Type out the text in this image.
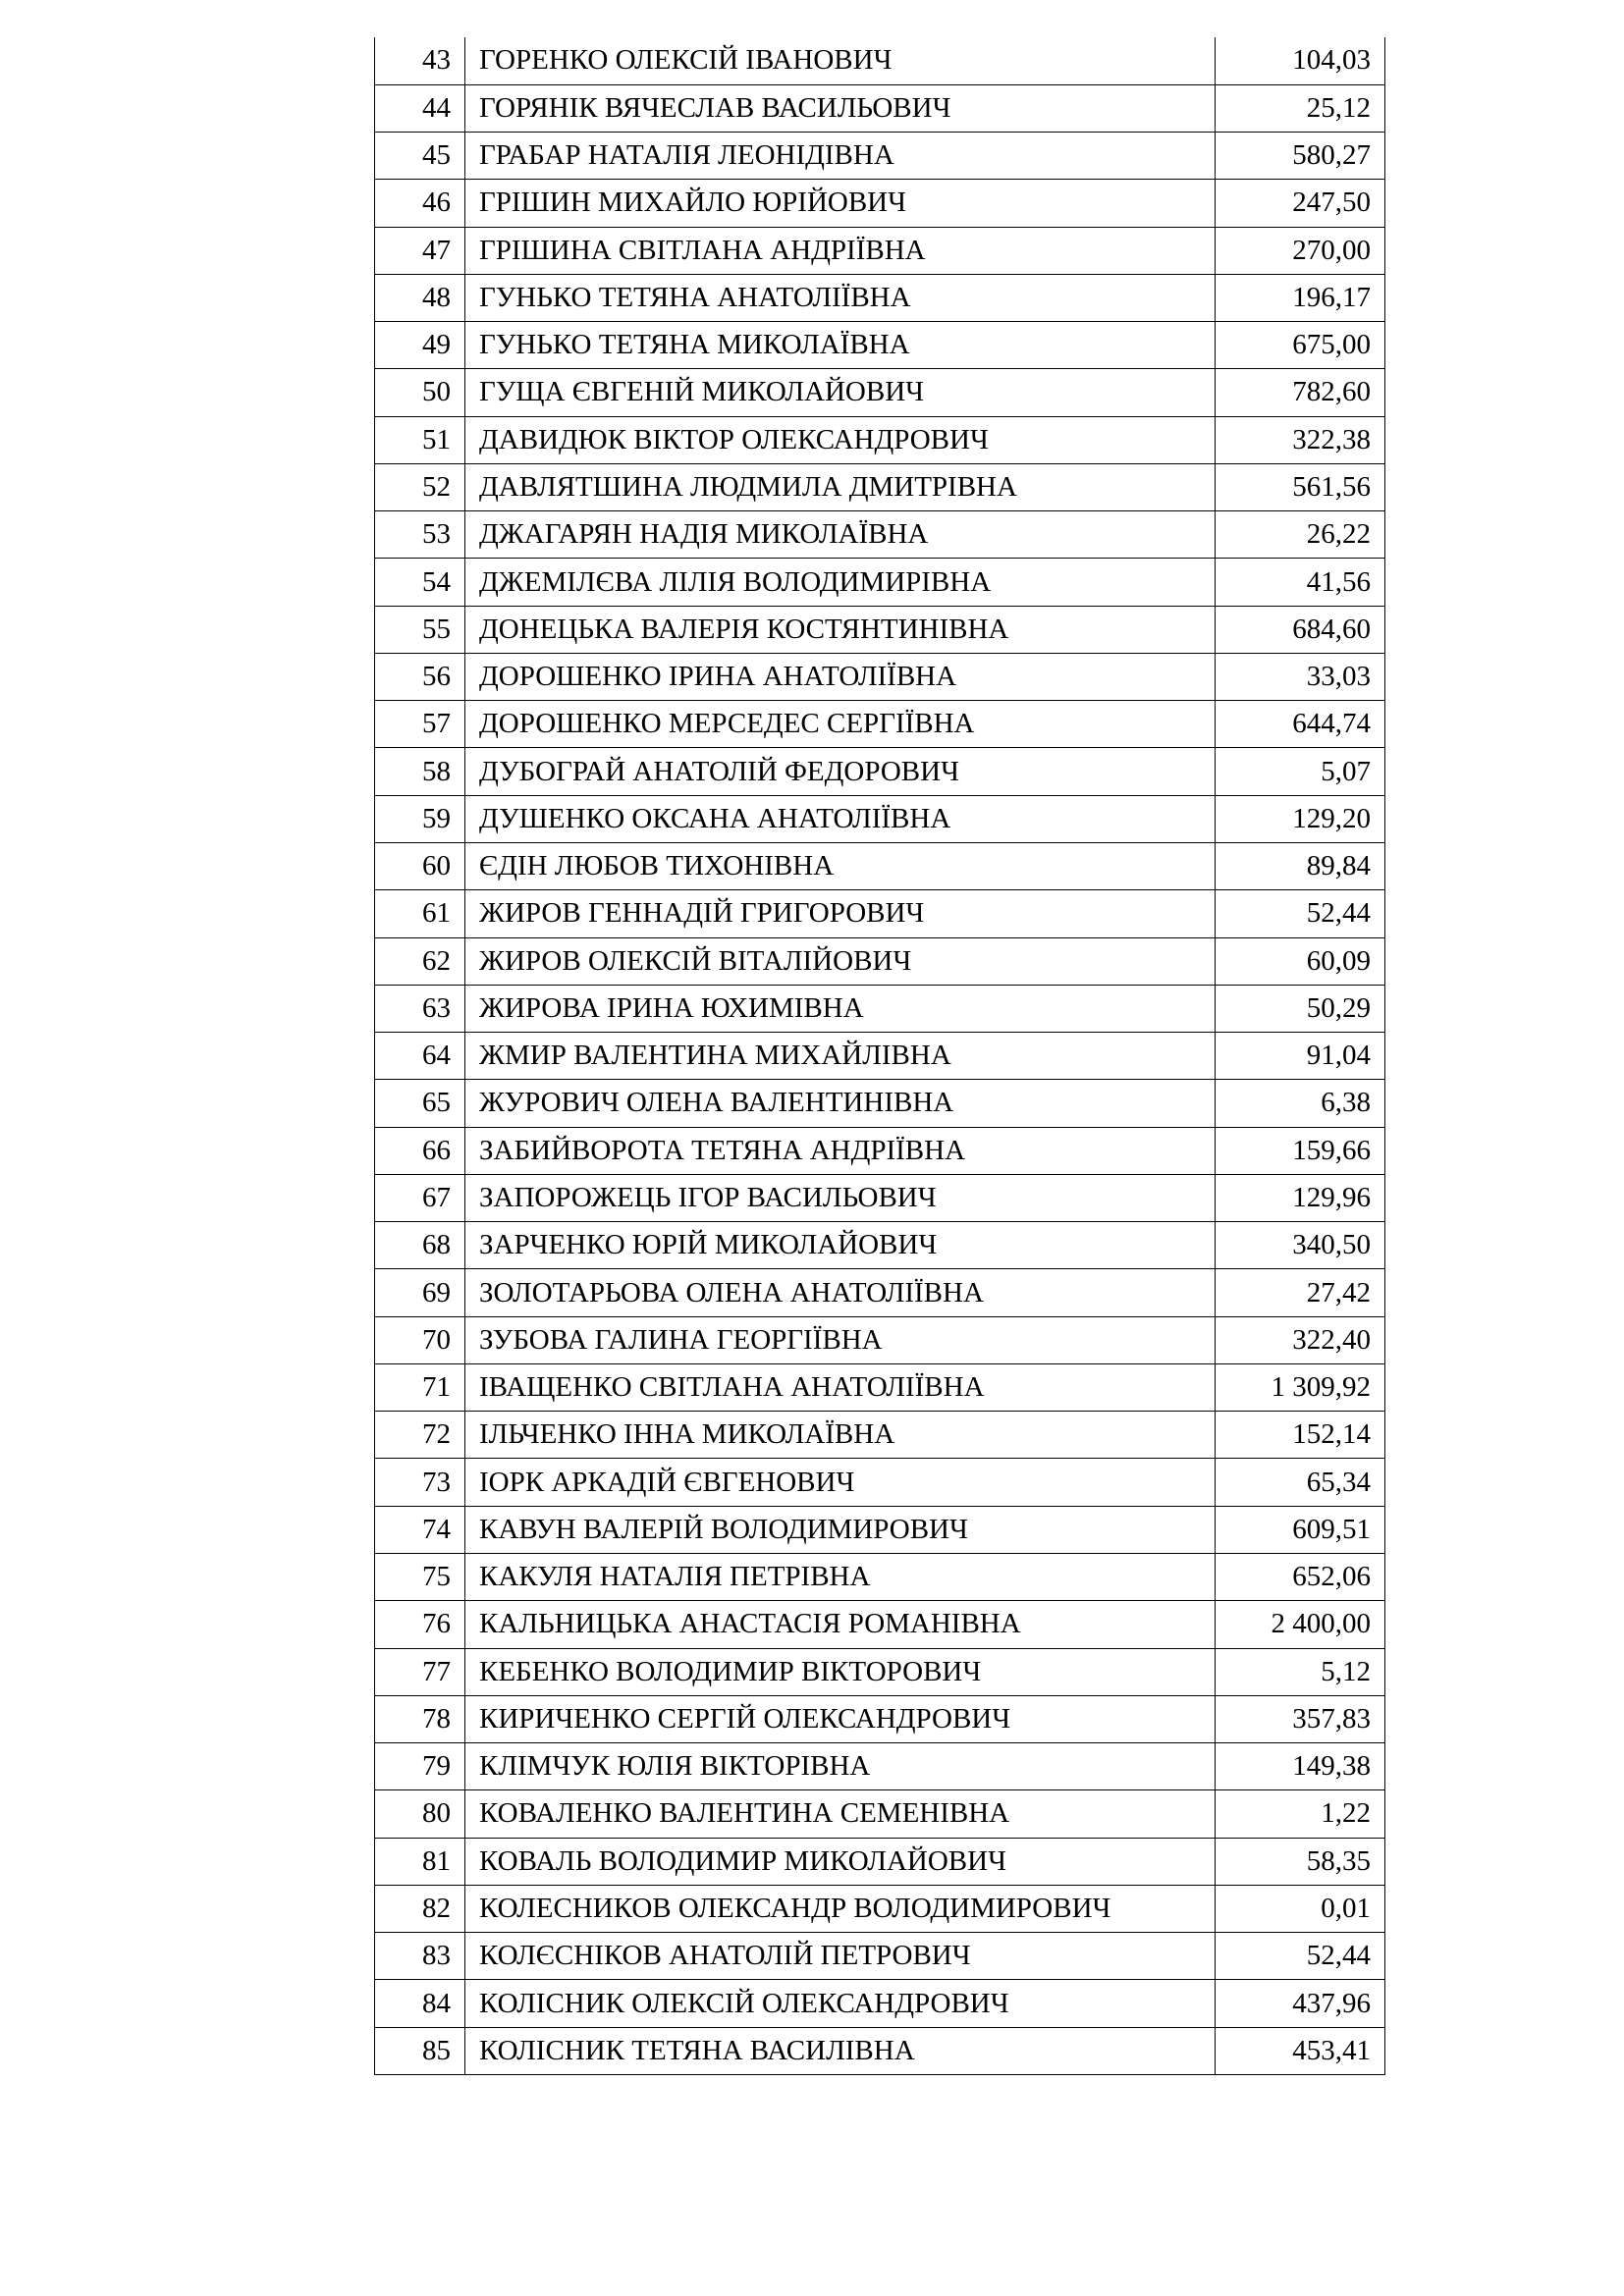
43	ГОРЕНКО ОЛЕКСІЙ ІВАНОВИЧ	104,03
44	ГОРЯНІК ВЯЧЕСЛАВ ВАСИЛЬОВИЧ	25,12
45	ГРАБАР НАТАЛІЯ ЛЕОНІДІВНА	580,27
46	ГРІШИН МИХАЙЛО ЮРІЙОВИЧ	247,50
47	ГРІШИНА СВІТЛАНА АНДРІЇВНА	270,00
48	ГУНЬКО ТЕТЯНА АНАТОЛІЇВНА	196,17
49	ГУНЬКО ТЕТЯНА МИКОЛАЇВНА	675,00
50	ГУЩА ЄВГЕНІЙ МИКОЛАЙОВИЧ	782,60
51	ДАВИДЮК ВІКТОР ОЛЕКСАНДРОВИЧ	322,38
52	ДАВЛЯТШИНА ЛЮДМИЛА ДМИТРІВНА	561,56
53	ДЖАГАРЯН НАДІЯ МИКОЛАЇВНА	26,22
54	ДЖЕМІЛЄВА ЛІЛІЯ ВОЛОДИМИРІВНА	41,56
55	ДОНЕЦЬКА ВАЛЕРІЯ КОСТЯНТИНІВНА	684,60
56	ДОРОШЕНКО ІРИНА АНАТОЛІЇВНА	33,03
57	ДОРОШЕНКО МЕРСЕДЕС СЕРГІЇВНА	644,74
58	ДУБОГРАЙ АНАТОЛІЙ ФЕДОРОВИЧ	5,07
59	ДУШЕНКО ОКСАНА АНАТОЛІЇВНА	129,20
60	ЄДІН ЛЮБОВ ТИХОНІВНА	89,84
61	ЖИРОВ ГЕННАДІЙ ГРИГОРОВИЧ	52,44
62	ЖИРОВ ОЛЕКСІЙ ВІТАЛІЙОВИЧ	60,09
63	ЖИРОВА ІРИНА ЮХИМІВНА	50,29
64	ЖМИР ВАЛЕНТИНА МИХАЙЛІВНА	91,04
65	ЖУРОВИЧ ОЛЕНА ВАЛЕНТИНІВНА	6,38
66	ЗАБИЙВОРОТА ТЕТЯНА АНДРІЇВНА	159,66
67	ЗАПОРОЖЕЦЬ ІГОР ВАСИЛЬОВИЧ	129,96
68	ЗАРЧЕНКО ЮРІЙ МИКОЛАЙОВИЧ	340,50
69	ЗОЛОТАРЬОВА ОЛЕНА АНАТОЛІЇВНА	27,42
70	ЗУБОВА ГАЛИНА ГЕОРГІЇВНА	322,40
71	ІВАЩЕНКО СВІТЛАНА АНАТОЛІЇВНА	1 309,92
72	ІЛЬЧЕНКО ІННА МИКОЛАЇВНА	152,14
73	ІОРК АРКАДІЙ ЄВГЕНОВИЧ	65,34
74	КАВУН ВАЛЕРІЙ ВОЛОДИМИРОВИЧ	609,51
75	КАКУЛЯ НАТАЛІЯ ПЕТРІВНА	652,06
76	КАЛЬНИЦЬКА АНАСТАСІЯ РОМАНІВНА	2 400,00
77	КЕБЕНКО ВОЛОДИМИР ВІКТОРОВИЧ	5,12
78	КИРИЧЕНКО СЕРГІЙ ОЛЕКСАНДРОВИЧ	357,83
79	КЛІМЧУК ЮЛІЯ ВІКТОРІВНА	149,38
80	КОВАЛЕНКО ВАЛЕНТИНА СЕМЕНІВНА	1,22
81	КОВАЛЬ ВОЛОДИМИР МИКОЛАЙОВИЧ	58,35
82	КОЛЕСНИКОВ ОЛЕКСАНДР ВОЛОДИМИРОВИЧ	0,01
83	КОЛЄСНІКОВ АНАТОЛІЙ ПЕТРОВИЧ	52,44
84	КОЛІСНИК ОЛЕКСІЙ ОЛЕКСАНДРОВИЧ	437,96
85	КОЛІСНИК ТЕТЯНА ВАСИЛІВНА	453,41
